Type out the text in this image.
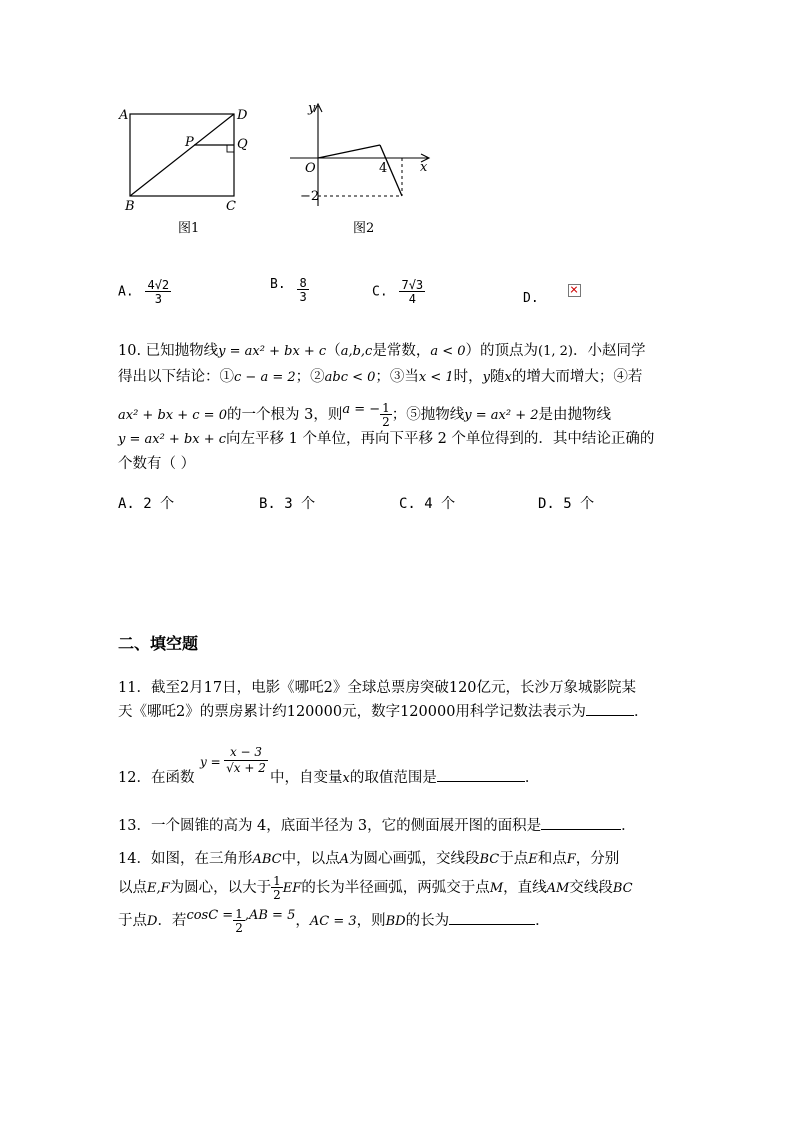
A	D
B	C
P	Q
图1
y
x
O	4
−2
图2
A. $\frac{4√2}{3}$	B. $\frac{8}{3}$	C. $\frac{7√3}{4}$	D.
10. 已知抛物线y = ax² + bx + c（a,b,c是常数，a < 0）的顶点为(1, 2)．小赵同学
得出以下结论：①c − a = 2；②abc < 0；③当x < 1时，y随x的增大而增大；④若
ax² + bx + c = 0的一个根为 3，则a = − $\frac{1}{2}$ ；⑤抛物线y = ax² + 2是由抛物线
y = ax² + bx + c向左平移 1 个单位，再向下平移 2 个单位得到的．其中结论正确的
个数有（ ）
A. 2 个	B. 3 个	C. 4 个	D. 5 个
二、填空题
11．截至2月17日，电影《哪吒2》全球总票房突破120亿元，长沙万象城影院某
天《哪吒2》的票房累计约120000元，数字120000用科学记数法表示为	．
12．在函数
y =
x − 3
√x + 2
中，自变量x的取值范围是	．
13．一个圆锥的高为 4，底面半径为 3，它的侧面展开图的面积是	．
14．如图，在三角形ABC中，以点A为圆心画弧，交线段BC于点E和点F，分别
以点E,F为圆心，以大于 $\frac{1}{2}$ EF的长为半径画弧，两弧交于点M，直线AM交线段BC
于点D．若$\cos C = \frac{1}{2} ,AB = 5$，AC = 3，则BD的长为	．
